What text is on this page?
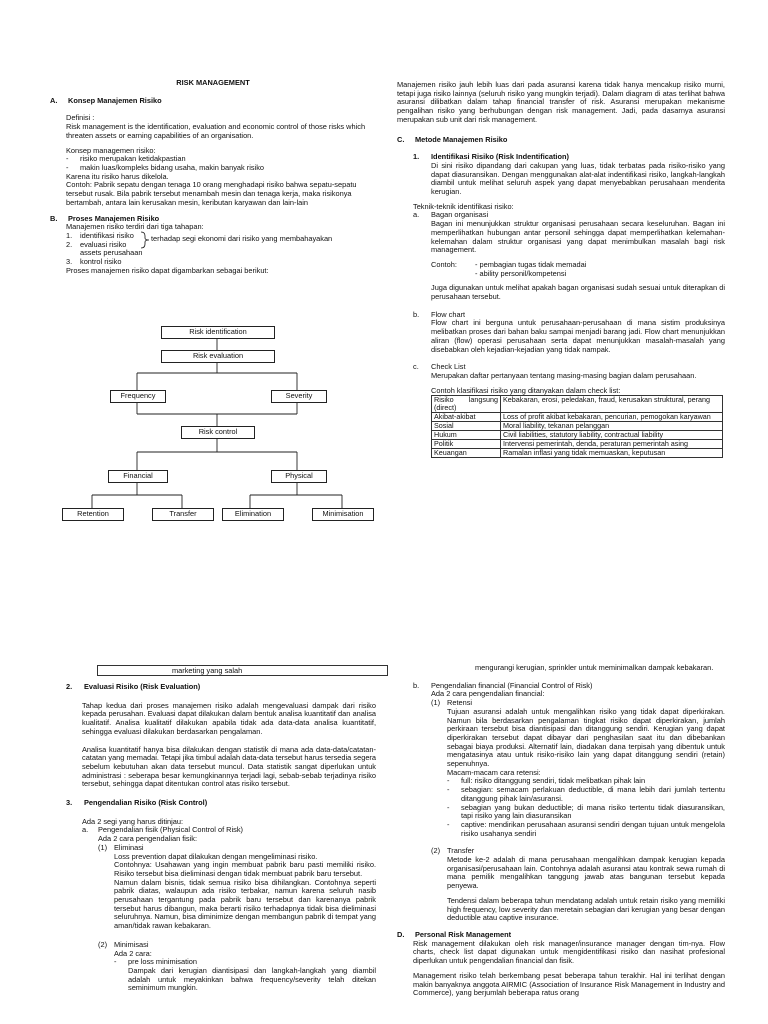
RISK MANAGEMENT
A.	Konsep Manajemen Risiko

Definisi :

Risk management is the identification, evaluation and economic control of those risks which threaten assets or earning capabilities of an organisation.

Konsep managemen risiko:

-	risiko merupakan ketidakpastian
-	makin luas/kompleks bidang usaha, makin banyak risiko

Karena itu risiko harus dikelola.

Contoh: Pabrik sepatu dengan tenaga 10 orang menghadapi risiko bahwa sepatu-sepatu tersebut rusak. Bila pabrik tersebut menambah mesin dan tenaga kerja, maka risikonya bertambah, antara lain kerusakan mesin, keributan karyawan dan lain-lain

B.	Proses Manajemen Risiko

Manajemen risiko terdiri dari tiga tahapan:

1.	identifikasi risiko
2.	evaluasi risiko
assets perusahaan
3.	kontrol risiko

Proses manajemen risiko dapat digambarkan sebagai berikut:

terhadap segi ekonomi dari risiko yang membahayakan
Risk identification
Risk evaluation
Frequency	Severity
Risk control
Financial	Physical
Retention	Transfer	Elimination	Minimisation

Manajemen risiko jauh lebih luas dari pada asuransi karena tidak hanya mencakup risiko murni, tetapi juga risiko lainnya (seluruh risiko yang mungkin terjadi). Dalam diagram di atas terlihat bahwa asuransi dilibatkan dalam tahap financial transfer of risk. Asuransi merupakan mekanisme pengalihan risiko yang berhubungan dengan risk management. Jadi, pada dasarnya asuransi merupakan sub unit dari risk management.

C.	Metode Manajemen Risiko
1.	Identifikasi Risiko (Risk Indentification)

Di sini risiko dipandang dari cakupan yang luas, tidak terbatas pada risiko-risiko yang dapat diasuransikan. Dengan menggunakan alat-alat indentifikasi risiko, langkah-langkah diambil untuk melihat seluruh aspek yang dapat menyebabkan perusahaan menderita kerugian.

Teknik-teknik identifikasi risiko:

a.	Bagan organisasi

Bagan ini menunjukkan struktur organisasi perusahaan secara keseluruhan. Bagan ini memperlihatkan hubungan antar personil sehingga dapat memperlihatkan kelemahan-kelemahan dalam struktur organisasi yang dapat menimbulkan masalah bagi risk management.

Contoh:	- pembagian tugas tidak memadai
- ability personil/kompetensi

Juga digunakan untuk melihat apakah bagan organisasi sudah sesuai untuk diterapkan di perusahaan tersebut.

b.	Flow chart

Flow chart ini berguna untuk perusahaan-perusahaan di mana sistim produksinya melibatkan proses dari bahan baku sampai menjadi barang jadi. Flow chart menunjukkan aliran (flow) operasi perusahaan serta dapat menunjukkan masalah-masalah yang disebabkan oleh kejadian-kejadian yang tidak nampak.

c.	Check List

Merupakan daftar pertanyaan tentang masing-masing bagian dalam perusahaan.

Contoh klasifikasi risiko yang ditanyakan dalam check list:

Risiko langsung (direct)	Kebakaran, erosi, peledakan, fraud, kerusakan struktural, perang
Akibat-akibat	Loss of profit akibat kebakaran, pencurian, pemogokan karyawan
Sosial	Moral liability, tekanan pelanggan
Hukum	Civil liabilities, statutory liability, contractual liability
Politik	Intervensi pemerintah, denda, peraturan pemerintah asing
Keuangan	Ramalan inflasi yang tidak memuaskan, keputusan
marketing yang salah
2.	Evaluasi Risiko (Risk Evaluation)

Tahap kedua dari proses manajemen risiko adalah mengevaluasi dampak dari risiko kepada perusahan. Evaluasi dapat dilakukan dalam bentuk analisa kuantitatif dan analisa kualitatif. Analisa kualitatif dilakukan apabila tidak ada data-data analisa kuantitatif, sehingga evaluasi dilakukan berdasarkan pengalaman.

Analisa kuantitatif hanya bisa dilakukan dengan statistik di mana ada data-data/catatan-catatan yang memadai. Tetapi jika timbul adalah data-data tersebut harus tersedia segera sebelum kebutuhan akan data tersebut muncul. Data statistik sangat diperlukan untuk administrasi : seberapa besar kemungkinannya terjadi lagi, sebab-sebab terjadinya risiko tersebut, sehingga dapat ditentukan control atas risiko tersebut.

3.	Pengendalian Risiko (Risk Control)

Ada 2 segi yang harus ditinjau:

a.	Pengendalian fisik (Physical Control of Risk)

Ada 2 cara pengendalian fisik:

(1) Eliminasi

Loss prevention dapat dilakukan dengan mengeliminasi risiko.

Contohnya: Usahawan yang ingin membuat pabrik baru pasti memiliki risiko. Risiko tersebut bisa dieliminasi dengan tidak membuat pabrik baru tersebut.

Namun dalam bisnis, tidak semua risiko bisa dihilangkan. Contohnya seperti pabrik diatas, walaupun ada risiko terbakar, namun karena seluruh nasib perusahaan tergantung pada pabrik baru tersebut dan karenanya pabrik tersebut harus dibangun, maka berarti risiko terhadapnya tidak bisa dieliminasi seluruhnya. Namun, bisa diminimize dengan membangun pabrik di tempat yang aman/tidak rawan kebakaran.

(2) Minimisasi

Ada 2 cara:

-	pre loss minimisation

Dampak dari kerugian diantisipasi dan langkah-langkah yang diambil adalah untuk meyakinkan bahwa frequency/severity telah ditekan seminimum mungkin.

mengurangi kerugian, sprinkler untuk meminimalkan dampak kebakaran.

b.	Pengendalian financial (Financial Control of Risk)

Ada 2 cara pengendalian financial:

(1) Retensi

Tujuan asuransi adalah untuk mengalihkan risiko yang tidak dapat diperkirakan. Namun bila berdasarkan pengalaman tingkat risiko dapat diperkirakan, jumlah perkiraan tersebut bisa diantisipasi dan ditanggung sendiri. Kerugian yang dapat diperkirakan tersebut dapat dibayar dari penghasilan saat itu dan dibebankan sebagai biaya produksi. Alternatif lain, diadakan dana terpisah yang dibentuk untuk mengatasinya atau untuk risiko-risiko lain yang dapat ditanggung sendiri (retain) sepenuhnya.

Macam-macam cara retensi:

-	full: risiko ditanggung sendiri, tidak melibatkan pihak lain
-	sebagian: semacam perlakuan deductible, di mana lebih dari jumlah tertentu ditanggung pihak lain/asuransi.
-	sebagian yang bukan deductible; di mana risiko tertentu tidak diasuransikan, tapi risiko yang lain diasuransikan
-	captive: mendirikan perusahaan asuransi sendiri dengan tujuan untuk mengelola risiko usahanya sendiri
(2) Transfer

Metode ke-2 adalah di mana perusahaan mengalihkan dampak kerugian kepada organisasi/perusahaan lain. Contohnya adalah asuransi atau kontrak sewa rumah di mana pemilik mengalihkan tanggung jawab atas bangunan tersebut kepada penyewa.

Tendensi dalam beberapa tahun mendatang adalah untuk retain risiko yang memiliki high frequency, low severity dan meretain sebagian dari kerugian yang besar dengan deductible atau captive insurance.

D.	Personal Risk Management

Risk management dilakukan oleh risk manager/insurance manager dengan tim-nya. Flow charts, check list dapat digunakan untuk mengidentifikasi risiko dan nasihat profesional diperlukan untuk pengendalian financial dan fisik.

Management risiko telah berkembang pesat beberapa tahun terakhir. Hal ini terlihat dengan makin banyaknya anggota AIRMIC (Association of Insurance Risk Management in Industry and Commerce), yang berjumlah beberapa ratus orang
